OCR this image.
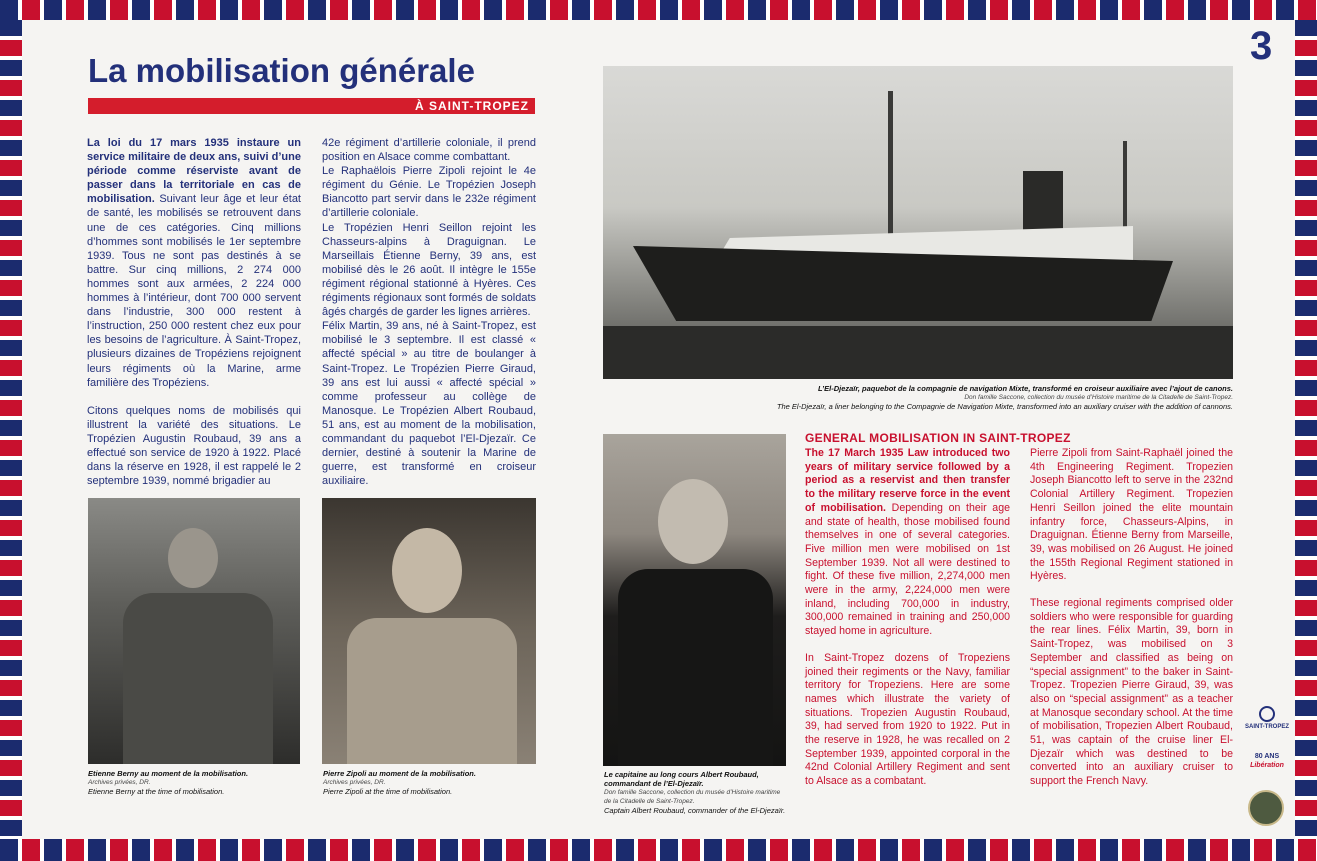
La mobilisation générale
À SAINT-TROPEZ
3

La loi du 17 mars 1935 instaure un service militaire de deux ans, suivi d’une période comme réserviste avant de passer dans la territoriale en cas de mobilisation. Suivant leur âge et leur état de santé, les mobilisés se retrouvent dans une de ces catégories. Cinq millions d’hommes sont mobilisés le 1er septembre 1939. Tous ne sont pas destinés à se battre. Sur cinq millions, 2 274 000 hommes sont aux armées, 2 224 000 hommes à l’intérieur, dont 700 000 servent dans l’industrie, 300 000 restent à l’instruction, 250 000 restent chez eux pour les besoins de l’agriculture. À Saint-Tropez, plusieurs dizaines de Tropéziens rejoignent leurs régiments où la Marine, arme familière des Tropéziens.

Citons quelques noms de mobilisés qui illustrent la variété des situations. Le Tropézien Augustin Roubaud, 39 ans a effectué son service de 1920 à 1922. Placé dans la réserve en 1928, il est rappelé le 2 septembre 1939, nommé brigadier au

42e régiment d’artillerie coloniale, il prend position en Alsace comme combattant.

Le Raphaëlois Pierre Zipoli rejoint le 4e régiment du Génie. Le Tropézien Joseph Biancotto part servir dans le 232e régiment d’artillerie coloniale.

Le Tropézien Henri Seillon rejoint les Chasseurs-alpins à Draguignan. Le Marseillais Étienne Berny, 39 ans, est mobilisé dès le 26 août. Il intègre le 155e régiment régional stationné à Hyères. Ces régiments régionaux sont formés de soldats âgés chargés de garder les lignes arrières.

Félix Martin, 39 ans, né à Saint-Tropez, est mobilisé le 3 septembre. Il est classé « affecté spécial » au titre de boulanger à Saint-Tropez. Le Tropézien Pierre Giraud, 39 ans est lui aussi « affecté spécial » comme professeur au collège de Manosque. Le Tropézien Albert Roubaud, 51 ans, est au moment de la mobilisation, commandant du paquebot l’El-Djezaïr. Ce dernier, destiné à soutenir la Marine de guerre, est transformé en croiseur auxiliaire.

L’El-Djezaïr, paquebot de la compagnie de navigation Mixte, transformé en croiseur auxiliaire avec l’ajout de canons.
Don famille Saccone, collection du musée d’Histoire maritime de la Citadelle de Saint-Tropez.
The El-Djezaïr, a liner belonging to the Compagnie de Navigation Mixte, transformed into an auxiliary cruiser with the addition of cannons.
Etienne Berny au moment de la mobilisation.
Archives privées, DR.
Etienne Berny at the time of mobilisation.
Pierre Zipoli au moment de la mobilisation.
Archives privées, DR.
Pierre Zipoli at the time of mobilisation.
Le capitaine au long cours Albert Roubaud, commandant de l’El-Djezaïr.
Don famille Saccone, collection du musée d’Histoire maritime de la Citadelle de Saint-Tropez.
Captain Albert Roubaud, commander of the El-Djezaïr.
GENERAL MOBILISATION IN SAINT-TROPEZ

The 17 March 1935 Law introduced two years of military service followed by a period as a reservist and then transfer to the military reserve force in the event of mobilisation. Depending on their age and state of health, those mobilised found themselves in one of several categories. Five million men were mobilised on 1st September 1939. Not all were destined to fight. Of these five million, 2,274,000 men were in the army, 2,224,000 men were inland, including 700,000 in industry, 300,000 remained in training and 250,000 stayed home in agriculture.

In Saint-Tropez dozens of Tropeziens joined their regiments or the Navy, familiar territory for Tropeziens. Here are some names which illustrate the variety of situations. Tropezien Augustin Roubaud, 39, had served from 1920 to 1922. Put in the reserve in 1928, he was recalled on 2 September 1939, appointed corporal in the 42nd Colonial Artillery Regiment and sent to Alsace as a combatant.

Pierre Zipoli from Saint-Raphaël joined the 4th Engineering Regiment. Tropezien Joseph Biancotto left to serve in the 232nd Colonial Artillery Regiment. Tropezien Henri Seillon joined the elite mountain infantry force, Chasseurs-Alpins, in Draguignan. Étienne Berny from Marseille, 39, was mobilised on 26 August. He joined the 155th Regional Regiment stationed in Hyères.

These regional regiments comprised older soldiers who were responsible for guarding the rear lines. Félix Martin, 39, born in Saint-Tropez, was mobilised on 3 September and classified as being on “special assignment” to the baker in Saint-Tropez. Tropezien Pierre Giraud, 39, was also on “special assignment” as a teacher at Manosque secondary school. At the time of mobilisation, Tropezien Albert Roubaud, 51, was captain of the cruise liner El-Djezaïr which was destined to be converted into an auxiliary cruiser to support the French Navy.

SAINT-TROPEZ
80 ANS
Libération
